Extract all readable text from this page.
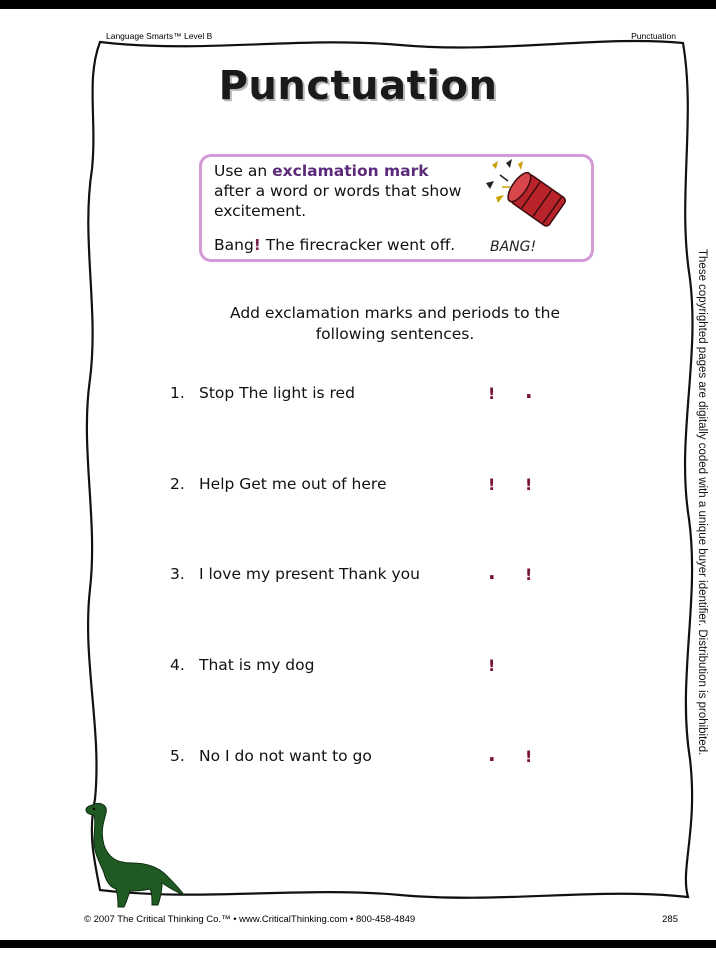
Language Smarts™ Level B	Punctuation
Punctuation
Use an exclamation mark
after a word or words that show excitement.
Bang! The firecracker went off. BANG!
Add exclamation marks and periods to the following sentences.
1. Stop The light is red	! .
2. Help Get me out of here	! !
3. I love my present Thank you	. !
4. That is my dog	!
5. No I do not want to go	. !
These copyrighted pages are digitally coded with a unique buyer identifier. Distribution is prohibited.
© 2007 The Critical Thinking Co.™ • www.CriticalThinking.com • 800-458-4849	285
